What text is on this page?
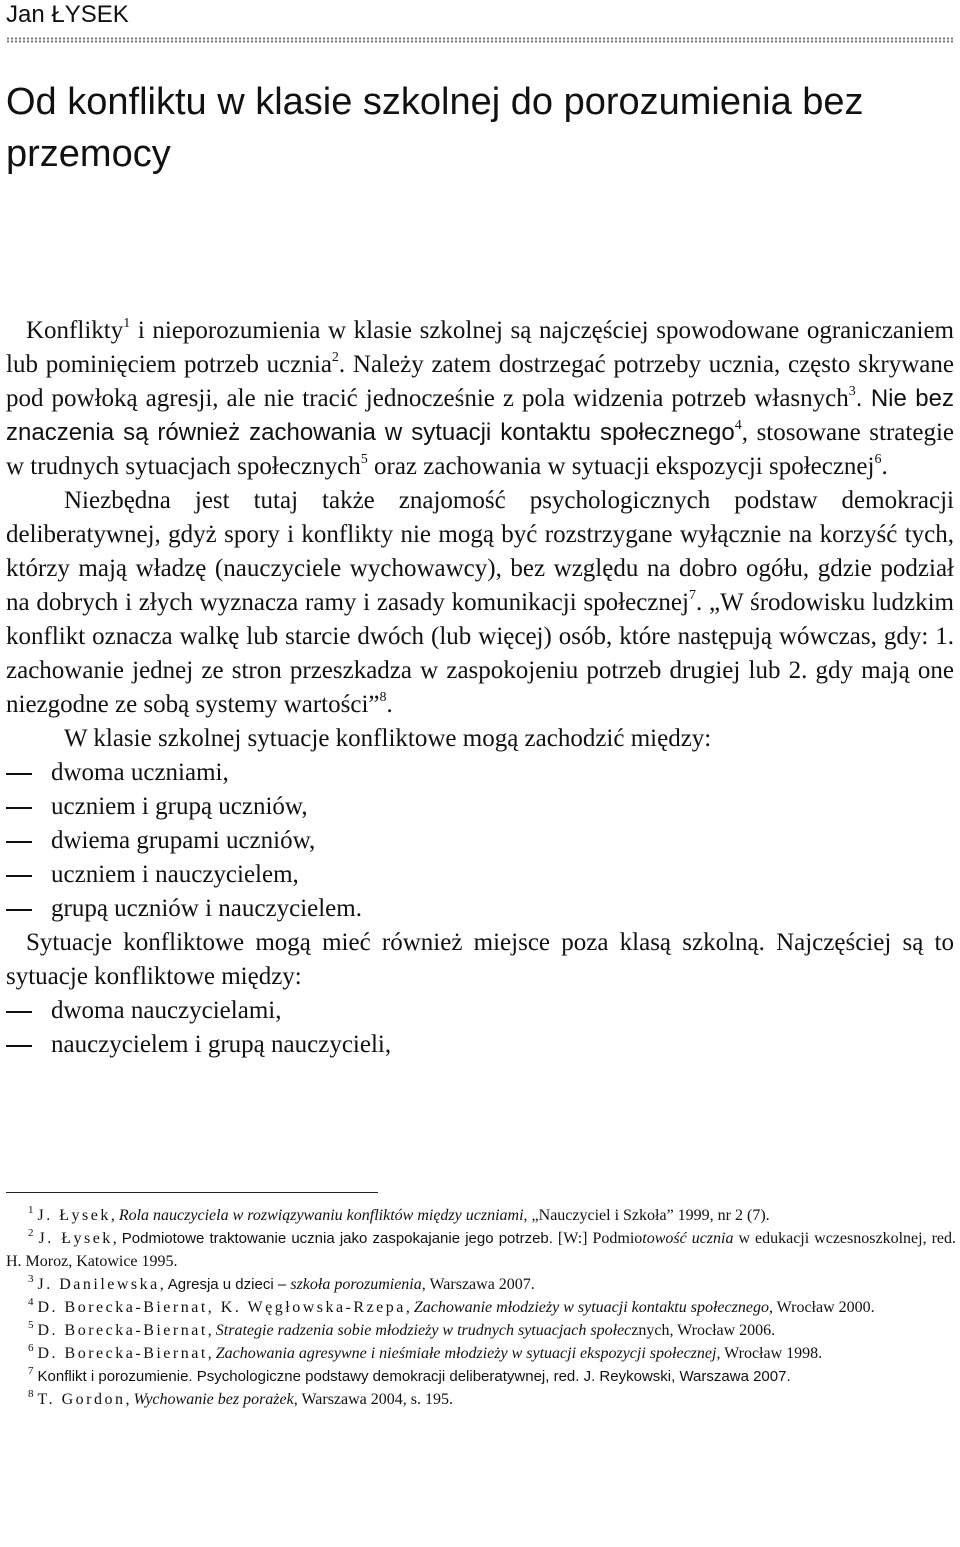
Jan ŁYSEK
Od konfliktu w klasie szkolnej do porozumienia bez przemocy

Konflikty$^1$ i nieporozumienia w klasie szkolnej są najczęściej spowodowane ograniczaniem lub pominięciem potrzeb ucznia$^2$. Należy zatem dostrzegać potrzeby ucznia, często skrywane pod powłoką agresji, ale nie tracić jednocześnie z pola widzenia potrzeb własnych$^3$. Nie bez znaczenia są również zachowania w sytuacji kontaktu społecznego$^4$, stosowane strategie w trudnych sytuacjach społecznych$^5$ oraz zachowania w sytuacji ekspozycji społecznej$^6$.

Niezbędna jest tutaj także znajomość psychologicznych podstaw demokracji deliberatywnej, gdyż spory i konflikty nie mogą być rozstrzygane wyłącznie na korzyść tych, którzy mają władzę (nauczyciele wychowawcy), bez względu na dobro ogółu, gdzie podział na dobrych i złych wyznacza ramy i zasady komunikacji społecznej$^7$. „W środowisku ludzkim konflikt oznacza walkę lub starcie dwóch (lub więcej) osób, które następują wówczas, gdy: 1. zachowanie jednej ze stron przeszkadza w zaspokojeniu potrzeb drugiej lub 2. gdy mają one niezgodne ze sobą systemy wartości”$^8$.

W klasie szkolnej sytuacje konfliktowe mogą zachodzić między:

dwoma uczniami,
uczniem i grupą uczniów,
dwiema grupami uczniów,
uczniem i nauczycielem,
grupą uczniów i nauczycielem.

Sytuacje konfliktowe mogą mieć również miejsce poza klasą szkolną. Najczęściej są to sytuacje konfliktowe między:

dwoma nauczycielami,
nauczycielem i grupą nauczycieli,

$^1$ J. Łysek, Rola nauczyciela w rozwiązywaniu konfliktów między uczniami, „Nauczyciel i Szkoła” 1999, nr 2 (7).

$^2$ J. Łysek, Podmiotowe traktowanie ucznia jako zaspokajanie jego potrzeb. [W:] Podmiotowość ucznia w edukacji wczesnoszkolnej, red. H. Moroz, Katowice 1995.

$^3$ J. Danilewska, Agresja u dzieci – szkoła porozumienia, Warszawa 2007.

$^4$ D. Borecka-Biernat, K. Węgłowska-Rzepa, Zachowanie młodzieży w sytuacji kontaktu społecznego, Wrocław 2000.

$^5$ D. Borecka-Biernat, Strategie radzenia sobie młodzieży w trudnych sytuacjach społecznych, Wrocław 2006.

$^6$ D. Borecka-Biernat, Zachowania agresywne i nieśmiałe młodzieży w sytuacji ekspozycji społecznej, Wrocław 1998.

$^7$ Konflikt i porozumienie. Psychologiczne podstawy demokracji deliberatywnej, red. J. Reykowski, Warszawa 2007.

$^8$ T. Gordon, Wychowanie bez porażek, Warszawa 2004, s. 195.
